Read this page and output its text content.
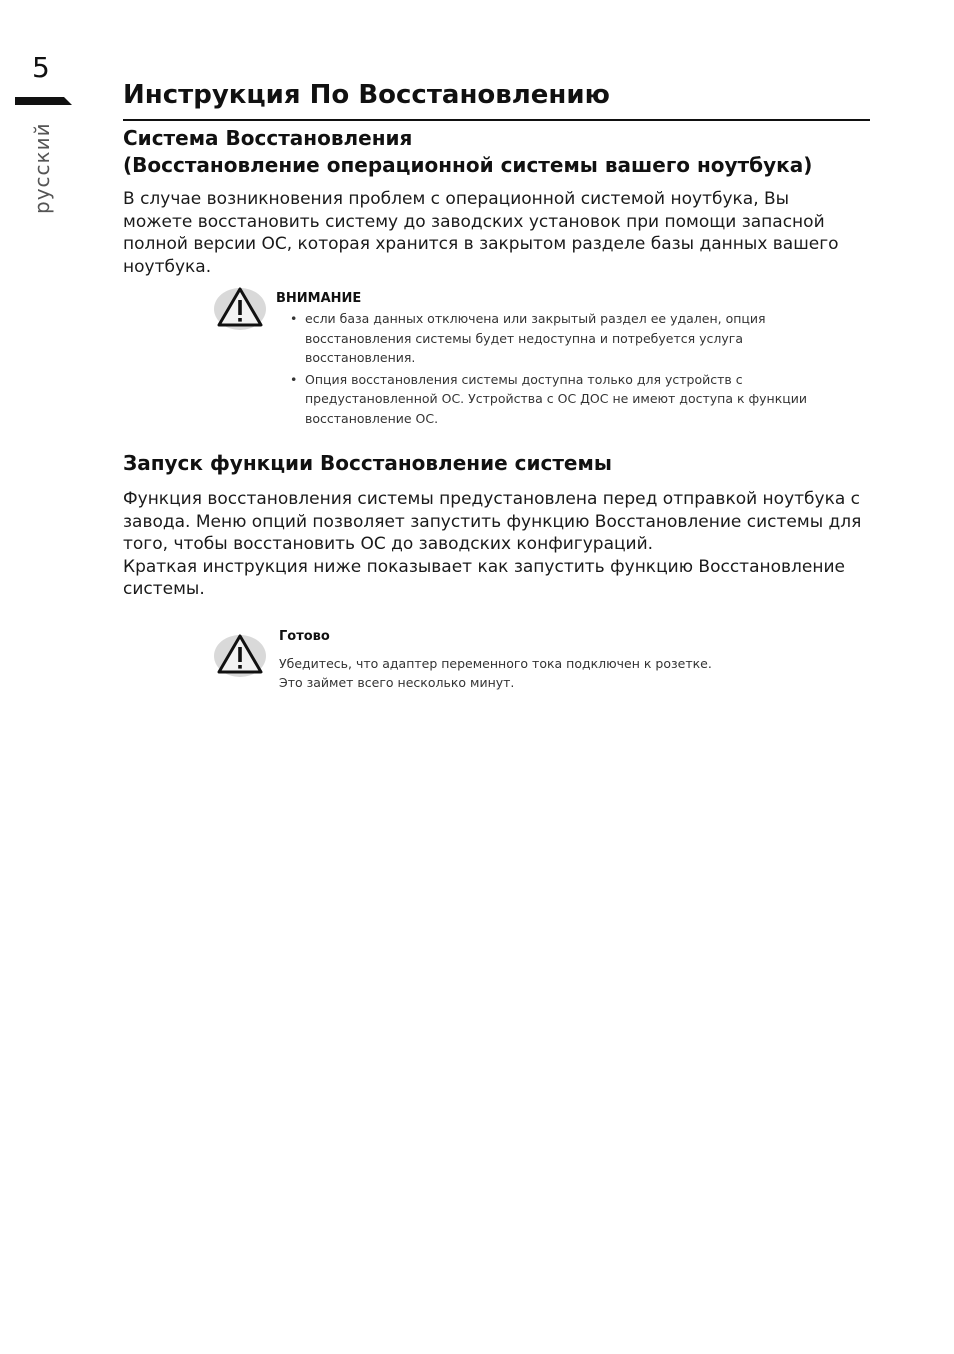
5
русский
Инструкция По Восстановлению
Система Восстановления
(Восстановление операционной системы вашего ноутбука)

В случае возникновения проблем с операционной системой ноутбука, Вы можете восстановить систему до заводских установок при помощи запасной полной версии ОС, которая хранится в закрытом разделе базы данных вашего ноутбука.

ВНИМАНИЕ
• если база данных отключена или закрытый раздел ее удален, опция восстановления системы будет недоступна и потребуется услуга восстановления.
• Опция восстановления системы доступна только для устройств с предустановленной ОС. Устройства с ОС ДОС не имеют доступа к функции восстановление ОС.
Запуск функции Восстановление системы
Функция восстановления системы предустановлена перед отправкой ноутбука с завода. Меню опций позволяет запустить функцию Восстановление системы для того, чтобы восстановить ОС до заводских конфигураций.
Краткая инструкция ниже показывает как запустить функцию Восстановление системы.
Готово

Убедитесь, что адаптер переменного тока подключен к розетке.
Это займет всего несколько минут.
